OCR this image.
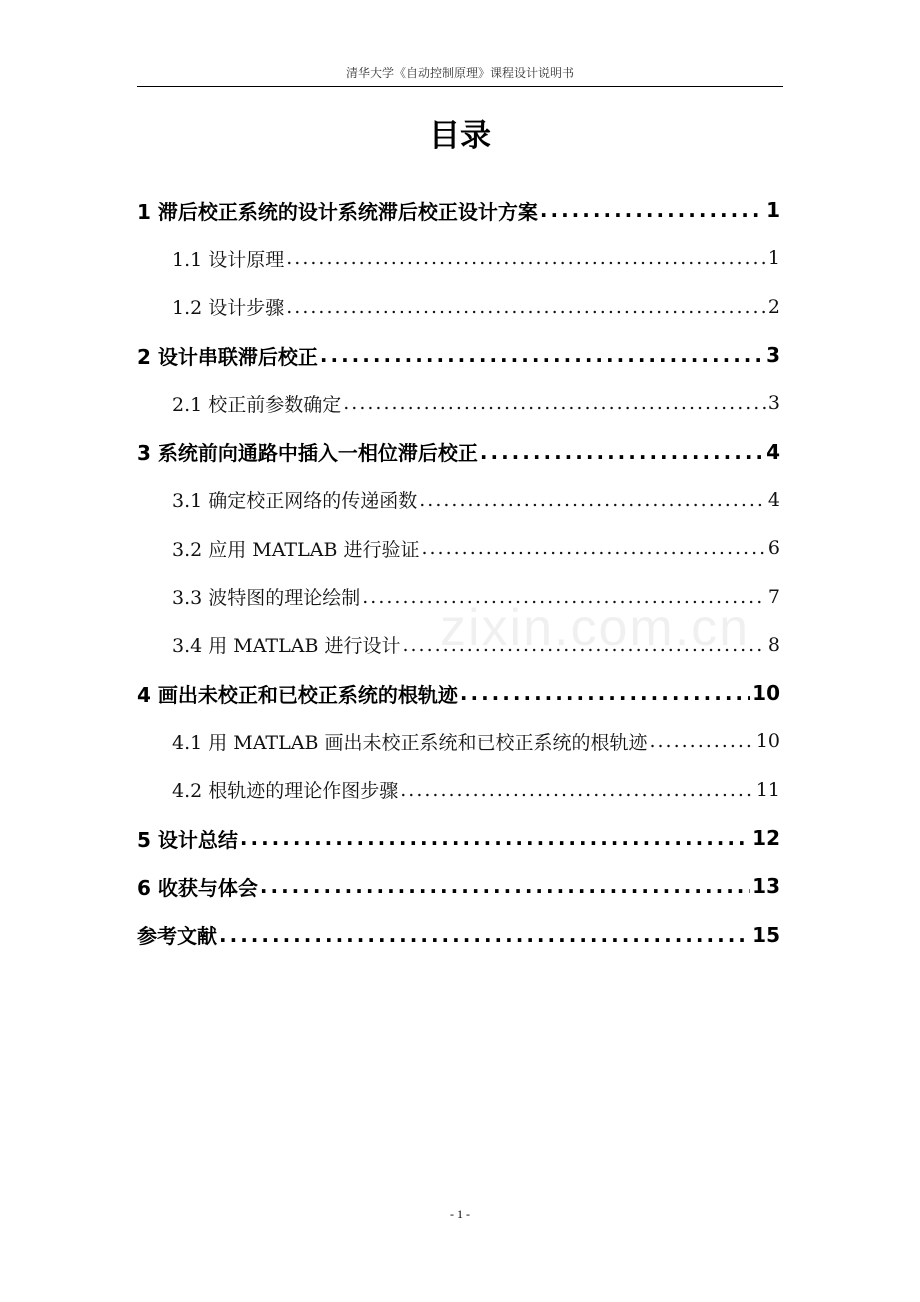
清华大学《自动控制原理》课程设计说明书
目录
1 滞后校正系统的设计系统滞后校正设计方案 .....	1
1.1 设计原理 .....	1
1.2 设计步骤 .....	2
2 设计串联滞后校正 .....	3
2.1 校正前参数确定 .....	3
3 系统前向通路中插入一相位滞后校正 .....	4
3.1 确定校正网络的传递函数 .....	4
3.2 应用 MATLAB 进行验证 .....	6
3.3 波特图的理论绘制 .....	7
3.4 用 MATLAB 进行设计 .....	8
4 画出未校正和已校正系统的根轨迹 .....	10
4.1 用 MATLAB 画出未校正系统和已校正系统的根轨迹 .....	10
4.2 根轨迹的理论作图步骤 .....	11
5 设计总结 .....	12
6 收获与体会 .....	13
参考文献 .....	15
zixin.com.cn
- 1 -
